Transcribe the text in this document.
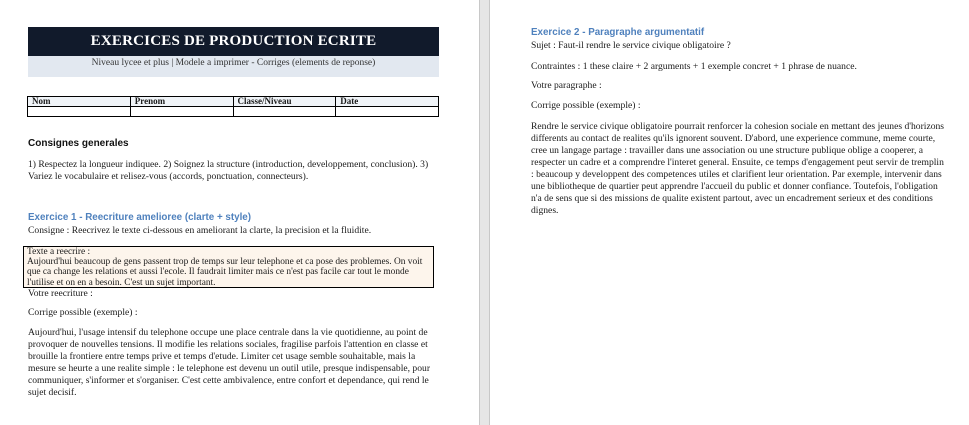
EXERCICES DE PRODUCTION ECRITE
Niveau lycee et plus | Modele a imprimer - Corriges (elements de reponse)
Nom	Prenom	Classe/Niveau	Date

Consignes generales
1) Respectez la longueur indiquee. 2) Soignez la structure (introduction, developpement, conclusion). 3) Variez le vocabulaire et relisez-vous (accords, ponctuation, connecteurs).
Exercice 1 - Reecriture amelioree (clarte + style)
Consigne : Reecrivez le texte ci-dessous en ameliorant la clarte, la precision et la fluidite.
Texte a reecrire :
Aujourd'hui beaucoup de gens passent trop de temps sur leur telephone et ca pose des problemes. On voit que ca change les relations et aussi l'ecole. Il faudrait limiter mais ce n'est pas facile car tout le monde l'utilise et on en a besoin. C'est un sujet important.
Votre reecriture :
Corrige possible (exemple) :
Aujourd'hui, l'usage intensif du telephone occupe une place centrale dans la vie quotidienne, au point de provoquer de nouvelles tensions. Il modifie les relations sociales, fragilise parfois l'attention en classe et brouille la frontiere entre temps prive et temps d'etude. Limiter cet usage semble souhaitable, mais la mesure se heurte a une realite simple : le telephone est devenu un outil utile, presque indispensable, pour communiquer, s'informer et s'organiser. C'est cette ambivalence, entre confort et dependance, qui rend le sujet decisif.
Exercice 2 - Paragraphe argumentatif
Sujet : Faut-il rendre le service civique obligatoire ?
Contraintes : 1 these claire + 2 arguments + 1 exemple concret + 1 phrase de nuance.
Votre paragraphe :
Corrige possible (exemple) :
Rendre le service civique obligatoire pourrait renforcer la cohesion sociale en mettant des jeunes d'horizons differents au contact de realites qu'ils ignorent souvent. D'abord, une experience commune, meme courte, cree un langage partage : travailler dans une association ou une structure publique oblige a cooperer, a respecter un cadre et a comprendre l'interet general. Ensuite, ce temps d'engagement peut servir de tremplin : beaucoup y developpent des competences utiles et clarifient leur orientation. Par exemple, intervenir dans une bibliotheque de quartier peut apprendre l'accueil du public et donner confiance. Toutefois, l'obligation n'a de sens que si des missions de qualite existent partout, avec un encadrement serieux et des conditions dignes.
